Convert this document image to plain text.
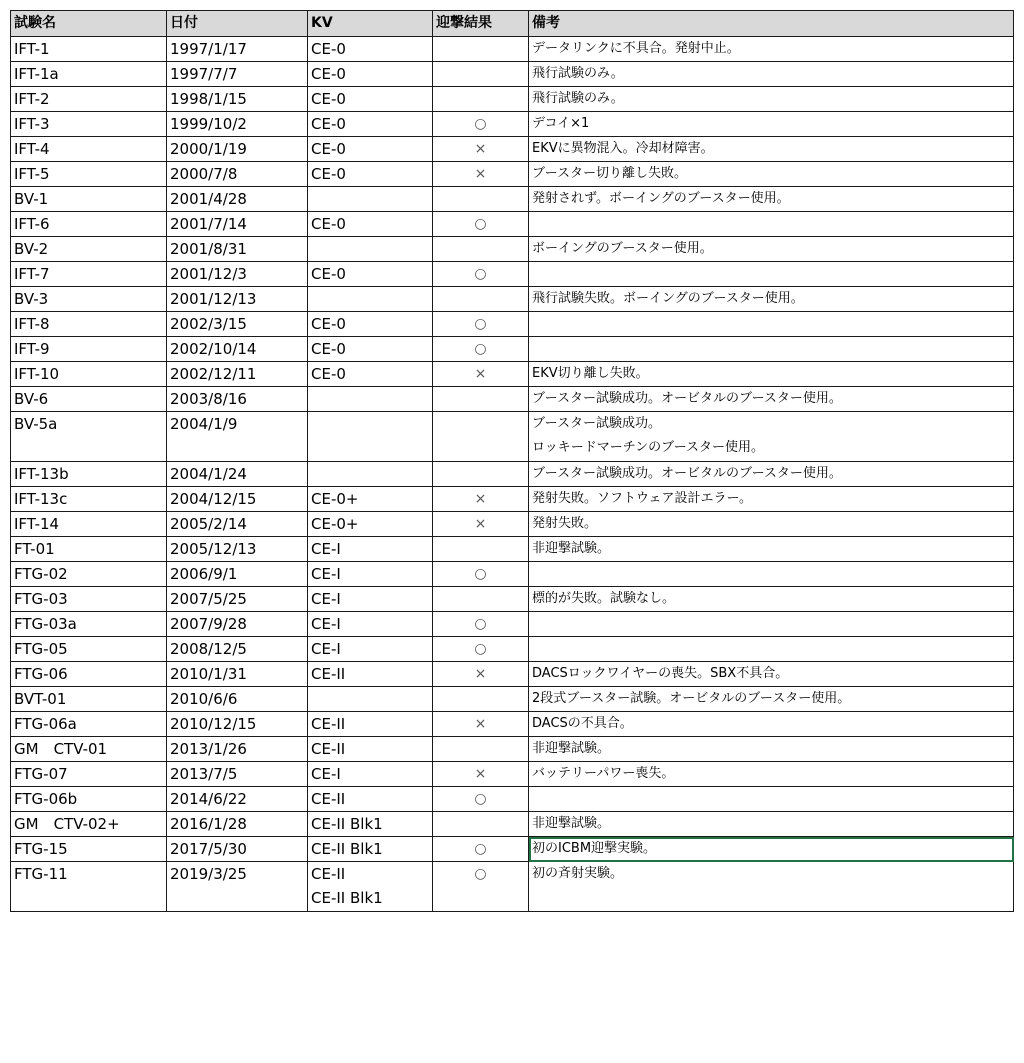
試験名	日付	KV	迎撃結果	備考
IFT-1	1997/1/17	CE-0		データリンクに不具合。発射中止。

IFT-1a	1997/7/7	CE-0		飛行試験のみ。

IFT-2	1998/1/15	CE-0		飛行試験のみ。

IFT-3	1999/10/2	CE-0	○	デコイ×1

IFT-4	2000/1/19	CE-0	×	EKVに異物混入。冷却材障害。

IFT-5	2000/7/8	CE-0	×	ブースター切り離し失敗。

BV-1	2001/4/28			発射されず。ボーイングのブースター使用。

IFT-6	2001/7/14	CE-0	○	

BV-2	2001/8/31			ボーイングのブースター使用。

IFT-7	2001/12/3	CE-0	○	

BV-3	2001/12/13			飛行試験失敗。ボーイングのブースター使用。

IFT-8	2002/3/15	CE-0	○	

IFT-9	2002/10/14	CE-0	○	

IFT-10	2002/12/11	CE-0	×	EKV切り離し失敗。

BV-6	2003/8/16			ブースター試験成功。オービタルのブースター使用。

BV-5a	2004/1/9			ブースター試験成功。
ロッキードマーチンのブースター使用。

IFT-13b	2004/1/24			ブースター試験成功。オービタルのブースター使用。

IFT-13c	2004/12/15	CE-0+	×	発射失敗。ソフトウェア設計エラー。

IFT-14	2005/2/14	CE-0+	×	発射失敗。

FT-01	2005/12/13	CE-I		非迎撃試験。

FTG-02	2006/9/1	CE-I	○	

FTG-03	2007/5/25	CE-I		標的が失敗。試験なし。

FTG-03a	2007/9/28	CE-I	○	

FTG-05	2008/12/5	CE-I	○	

FTG-06	2010/1/31	CE-II	×	DACSロックワイヤーの喪失。SBX不具合。

BVT-01	2010/6/6			2段式ブースター試験。オービタルのブースター使用。

FTG-06a	2010/12/15	CE-II	×	DACSの不具合。

GM　CTV-01	2013/1/26	CE-II		非迎撃試験。

FTG-07	2013/7/5	CE-I	×	バッテリーパワー喪失。

FTG-06b	2014/6/22	CE-II	○	

GM　CTV-02+	2016/1/28	CE-II Blk1		非迎撃試験。

FTG-15	2017/5/30	CE-II Blk1	○	初のICBM迎撃実験。

FTG-11	2019/3/25	CE-II
CE-II Blk1	○	初の斉射実験。
